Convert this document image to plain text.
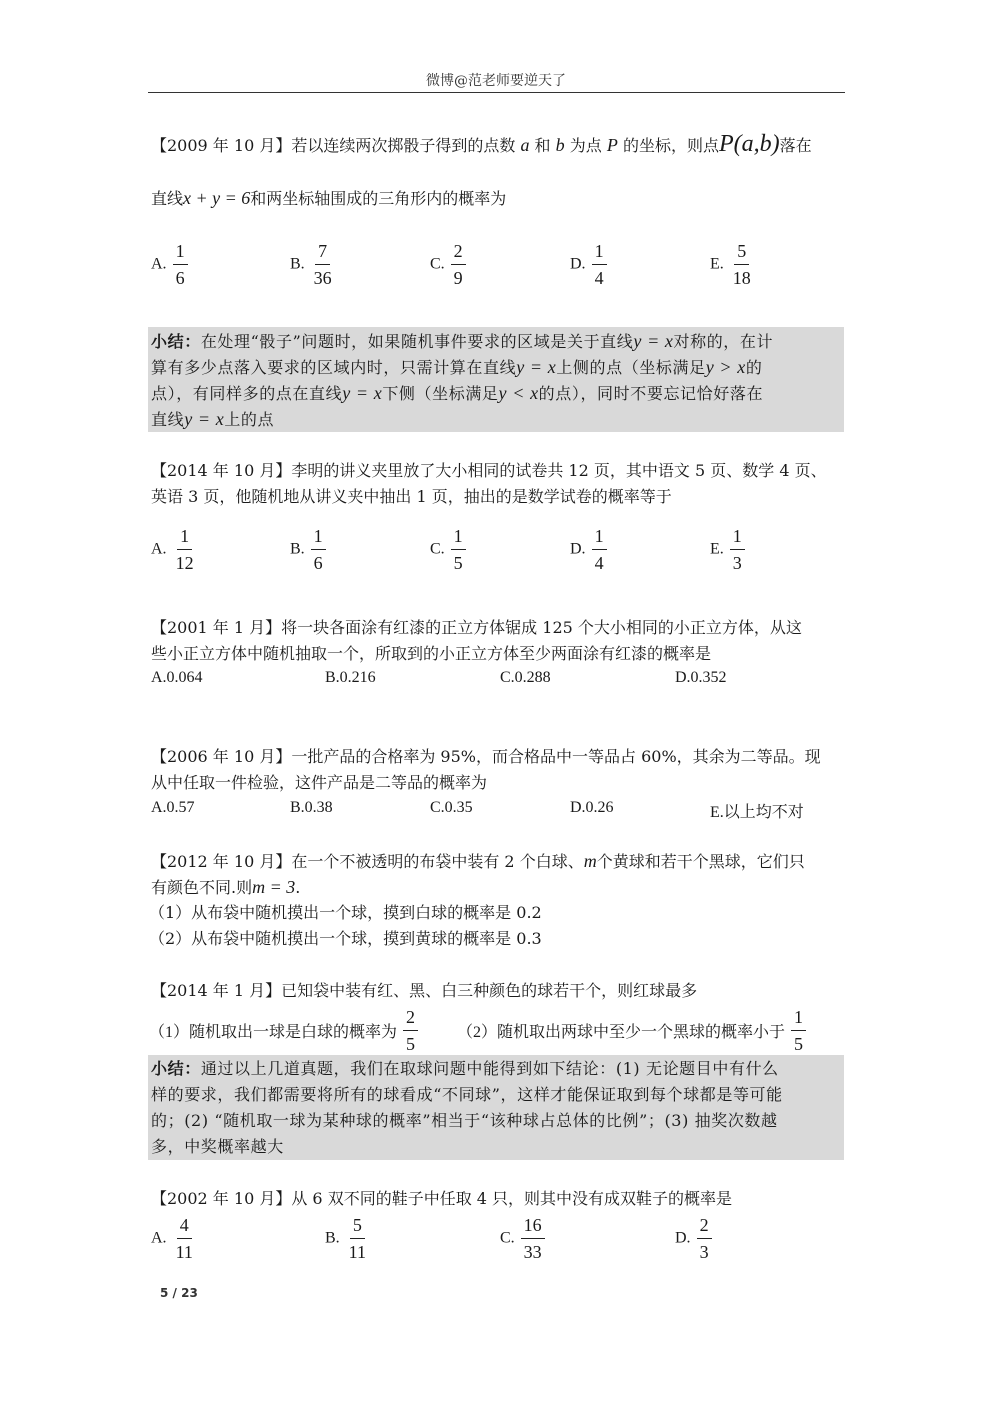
微博@范老师要逆天了
【2009 年 10 月】若以连续两次掷骰子得到的点数 a 和 b 为点 P 的坐标，则点P(a,b)落在
直线x + y = 6和两坐标轴围成的三角形内的概率为
A. $\frac{1}{6}$	B. $\frac{7}{36}$	C. $\frac{2}{9}$	D. $\frac{1}{4}$	E. $\frac{5}{18}$
小结：在处理“骰子”问题时，如果随机事件要求的区域是关于直线y = x对称的，在计
算有多少点落入要求的区域内时，只需计算在直线y = x上侧的点（坐标满足y > x的
点），有同样多的点在直线y = x下侧（坐标满足y < x的点），同时不要忘记恰好落在
直线y = x上的点
【2014 年 10 月】李明的讲义夹里放了大小相同的试卷共 12 页，其中语文 5 页、数学 4 页、
英语 3 页，他随机地从讲义夹中抽出 1 页，抽出的是数学试卷的概率等于
A. $\frac{1}{12}$	B. $\frac{1}{6}$	C. $\frac{1}{5}$	D. $\frac{1}{4}$	E. $\frac{1}{3}$
【2001 年 1 月】将一块各面涂有红漆的正立方体锯成 125 个大小相同的小正立方体，从这
些小正立方体中随机抽取一个，所取到的小正立方体至少两面涂有红漆的概率是
A.0.064	B.0.216	C.0.288	D.0.352
【2006 年 10 月】一批产品的合格率为 95%，而合格品中一等品占 60%，其余为二等品。现
从中任取一件检验，这件产品是二等品的概率为
A.0.57	B.0.38	C.0.35	D.0.26	E.以上均不对
【2012 年 10 月】在一个不被透明的布袋中装有 2 个白球、m个黄球和若干个黑球，它们只
有颜色不同.则m = 3.
（1）从布袋中随机摸出一个球，摸到白球的概率是 0.2
（2）从布袋中随机摸出一个球，摸到黄球的概率是 0.3
【2014 年 1 月】已知袋中装有红、黑、白三种颜色的球若干个，则红球最多
（1）随机取出一球是白球的概率为 $\frac{2}{5} (2)$随机取出两球中至少一个黑球的概率小于 $\frac{1}{5}$
小结：通过以上几道真题，我们在取球问题中能得到如下结论：(1) 无论题目中有什么
样的要求，我们都需要将所有的球看成“不同球”，这样才能保证取到每个球都是等可能
的；(2) “随机取一球为某种球的概率”相当于“该种球占总体的比例”；(3) 抽奖次数越
多，中奖概率越大
【2002 年 10 月】从 6 双不同的鞋子中任取 4 只，则其中没有成双鞋子的概率是
A. $\frac{4}{11}$	B. $\frac{5}{11}$	C. $\frac{16}{33}$	D. $\frac{2}{3}$
5 / 23
